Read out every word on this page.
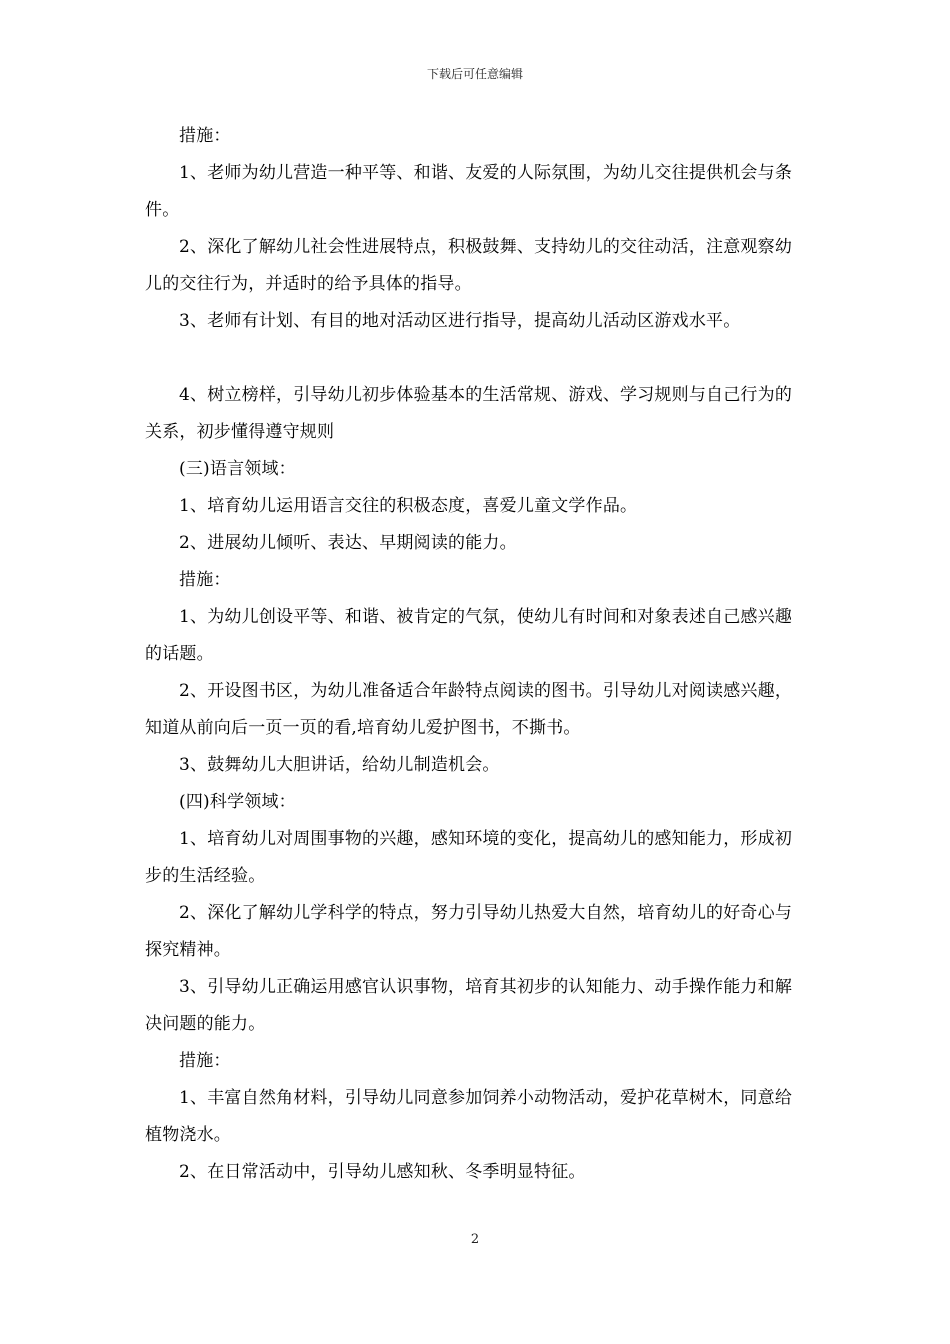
下载后可任意编辑

措施：

1、老师为幼儿营造一种平等、和谐、友爱的人际氛围，为幼儿交往提供机会与条件。

2、深化了解幼儿社会性进展特点，积极鼓舞、支持幼儿的交往动活，注意观察幼儿的交往行为，并适时的给予具体的指导。

3、老师有计划、有目的地对活动区进行指导，提高幼儿活动区游戏水平。

4、树立榜样，引导幼儿初步体验基本的生活常规、游戏、学习规则与自己行为的关系，初步懂得遵守规则

(三)语言领域：

1、培育幼儿运用语言交往的积极态度，喜爱儿童文学作品。

2、进展幼儿倾听、表达、早期阅读的能力。

措施：

1、为幼儿创设平等、和谐、被肯定的气氛，使幼儿有时间和对象表述自己感兴趣的话题。

2、开设图书区，为幼儿准备适合年龄特点阅读的图书。引导幼儿对阅读感兴趣，知道从前向后一页一页的看,培育幼儿爱护图书，不撕书。

3、鼓舞幼儿大胆讲话，给幼儿制造机会。

(四)科学领域：

1、培育幼儿对周围事物的兴趣，感知环境的变化，提高幼儿的感知能力，形成初步的生活经验。

2、深化了解幼儿学科学的特点，努力引导幼儿热爱大自然，培育幼儿的好奇心与探究精神。

3、引导幼儿正确运用感官认识事物，培育其初步的认知能力、动手操作能力和解决问题的能力。

措施：

1、丰富自然角材料，引导幼儿同意参加饲养小动物活动，爱护花草树木，同意给植物浇水。

2、在日常活动中，引导幼儿感知秋、冬季明显特征。

2
